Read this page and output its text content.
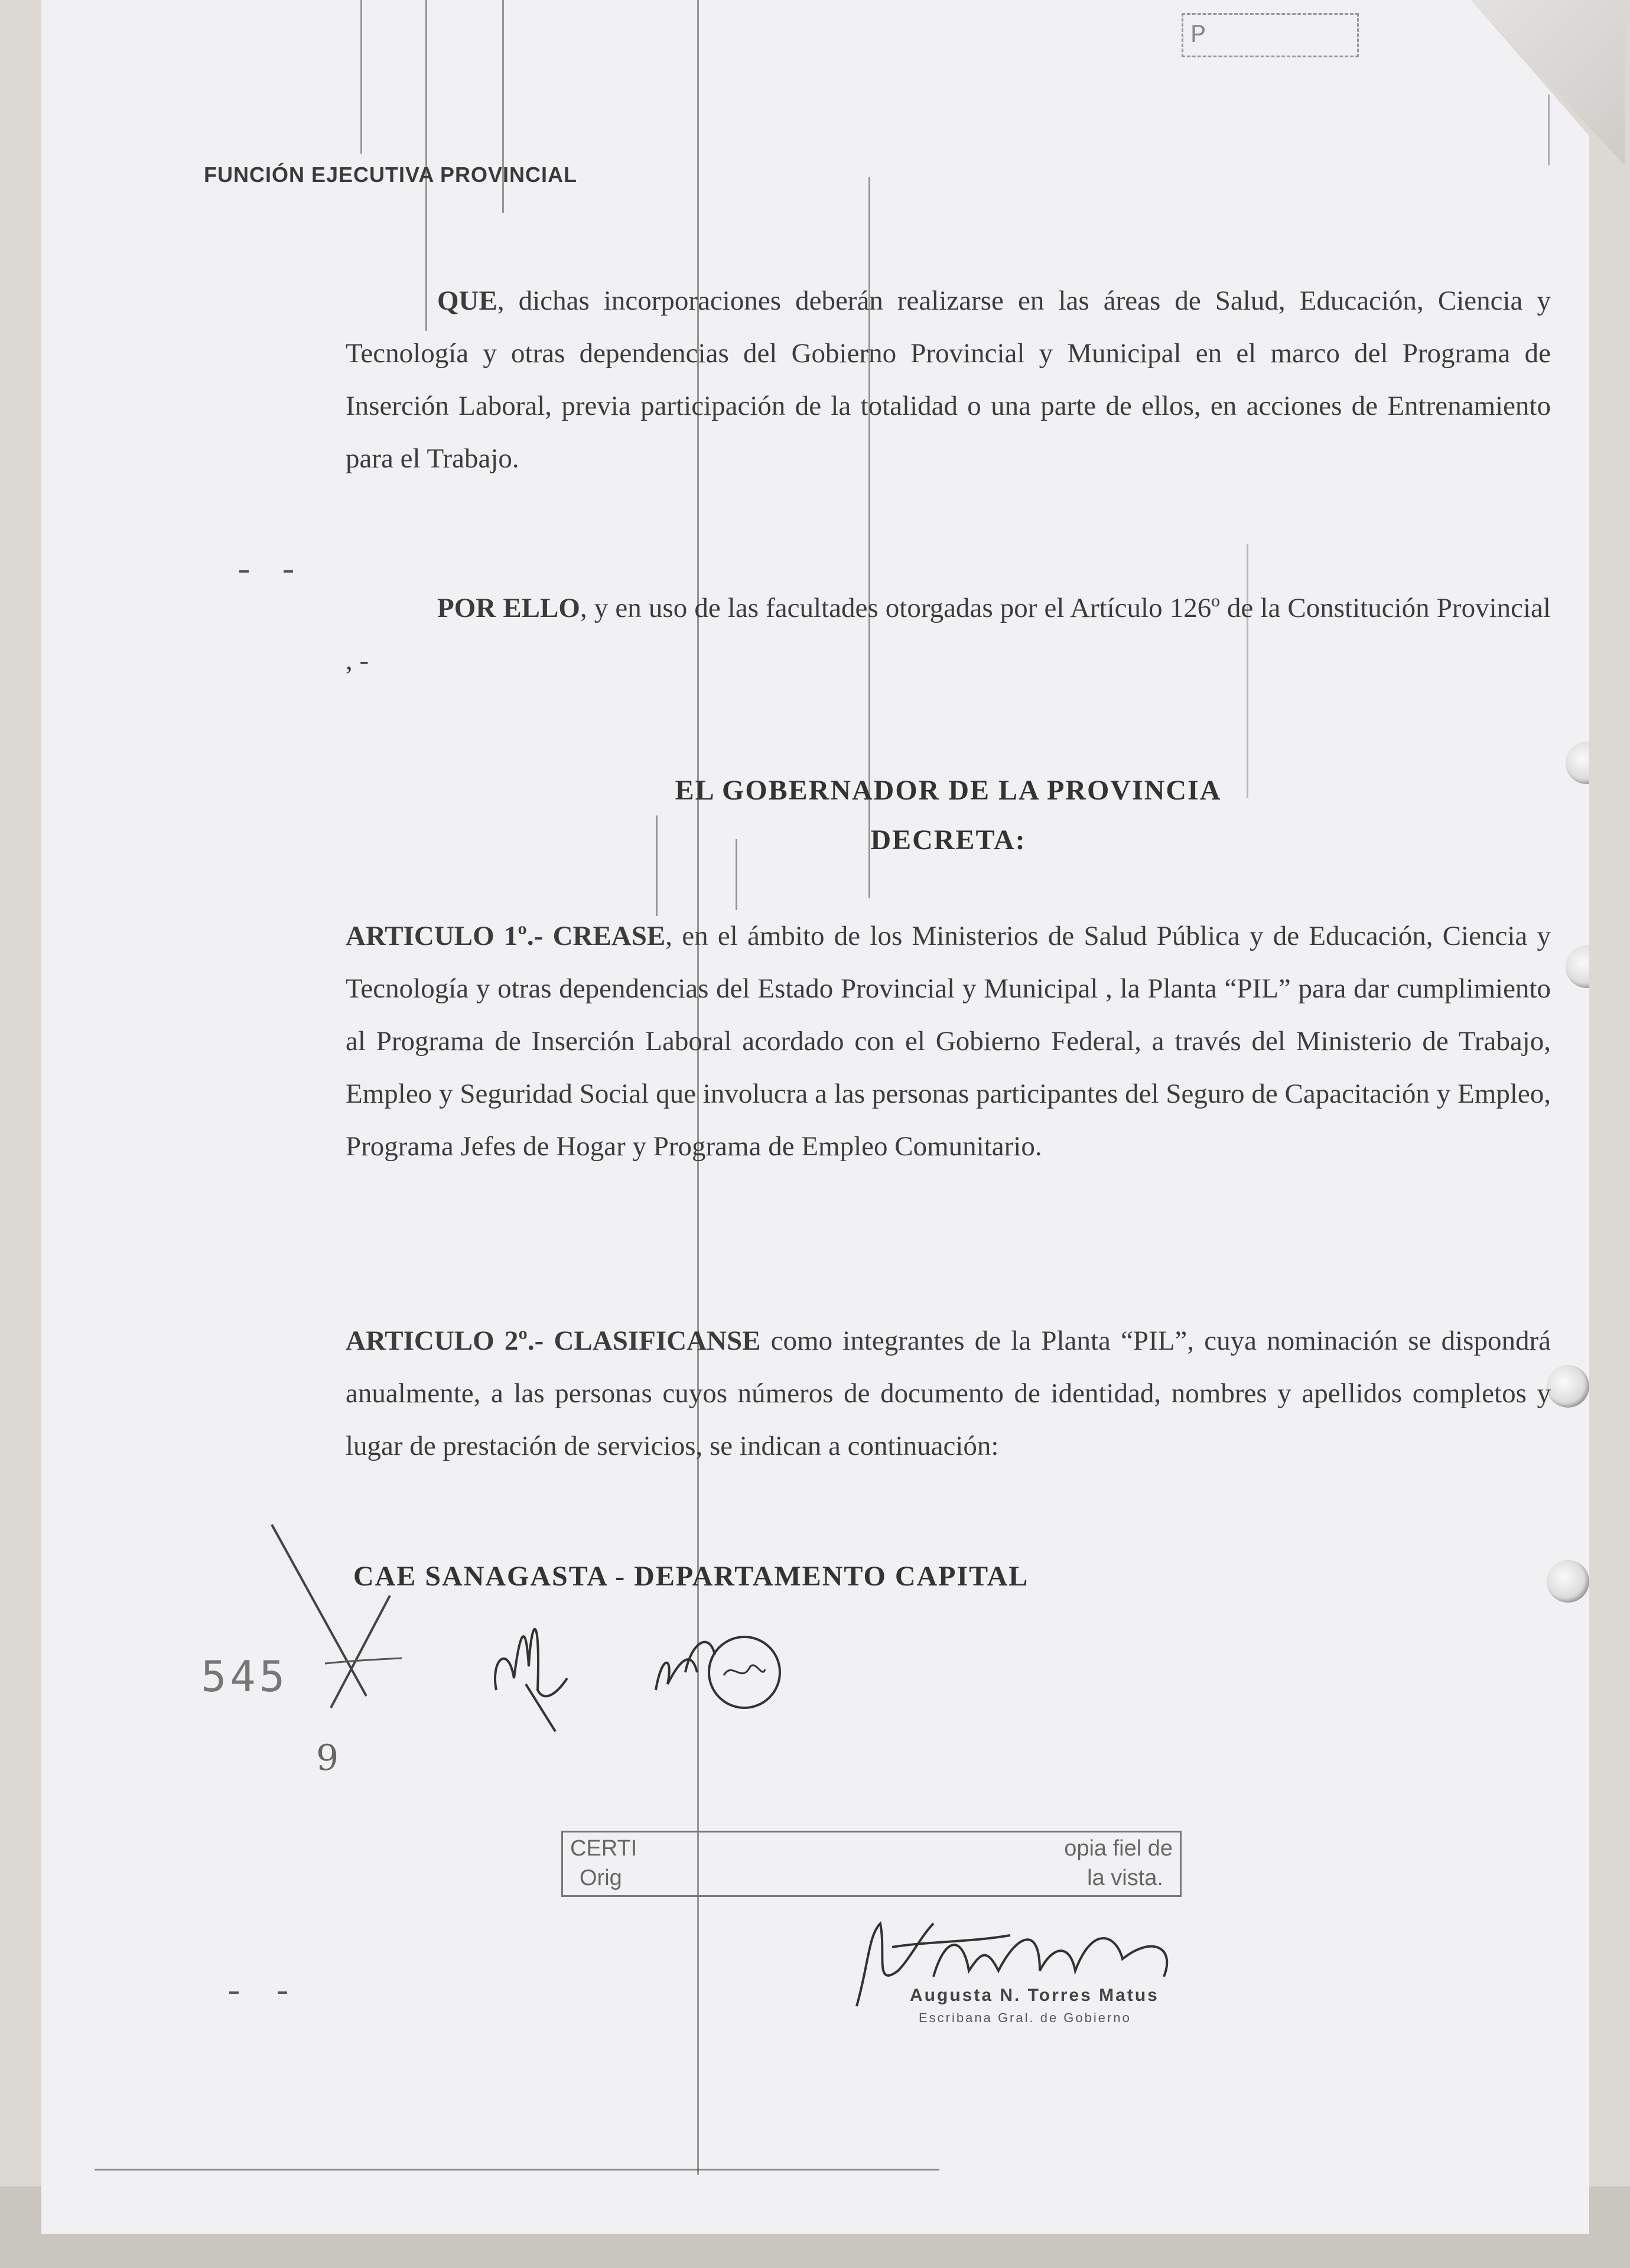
P
FUNCIÓN EJECUTIVA PROVINCIAL

QUE, dichas incorporaciones deberán realizarse en las áreas de Salud, Educación, Ciencia y Tecnología y otras dependencias del Gobierno Provincial y Municipal en el marco del Programa de Inserción Laboral, previa participación de la totalidad o una parte de ellos, en acciones de Entrenamiento para el Trabajo.

POR ELLO, y en uso de las facultades otorgadas por el Artículo 126º de la Constitución Provincial , -

EL GOBERNADOR DE LA PROVINCIA
DECRETA:

ARTICULO 1º.- CREASE, en el ámbito de los Ministerios de Salud Pública y de Educación, Ciencia y Tecnología y otras dependencias del Estado Provincial y Municipal , la Planta “PIL” para dar cumplimiento al Programa de Inserción Laboral acordado con el Gobierno Federal, a través del Ministerio de Trabajo, Empleo y Seguridad Social que involucra a las personas participantes del Seguro de Capacitación y Empleo, Programa Jefes de Hogar y Programa de Empleo Comunitario.

ARTICULO 2º.- CLASIFICANSE como integrantes de la Planta “PIL”, cuya nominación se dispondrá anualmente, a las personas cuyos números de documento de identidad, nombres y apellidos completos y lugar de prestación de servicios, se indican a continuación:

CAE SANAGASTA - DEPARTAMENTO CAPITAL
545
9
CERTI	opia fiel de
Orig	la vista.
Augusta N. Torres Matus
Escribana Gral. de Gobierno
